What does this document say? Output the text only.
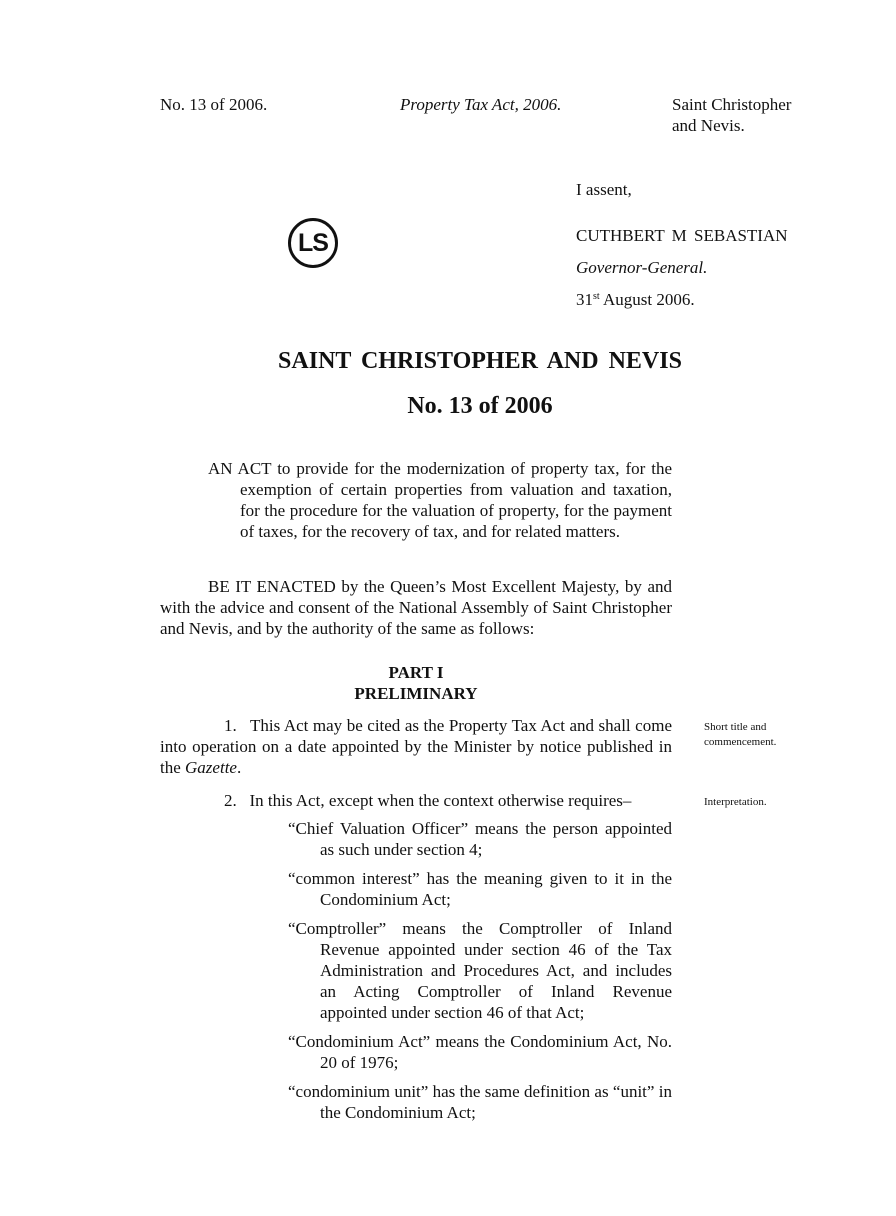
No. 13 of 2006.	Property Tax Act, 2006.	Saint Christopher
and Nevis.
LS
I assent,
CUTHBERT M SEBASTIAN
Governor-General.
31st August 2006.
SAINT CHRISTOPHER AND NEVIS
No. 13 of 2006
AN ACT to provide for the modernization of property tax, for the exemption of certain properties from valuation and taxation, for the procedure for the valuation of property, for the payment of taxes, for the recovery of tax, and for related matters.
BE IT ENACTED by the Queen’s Most Excellent Majesty, by and with the advice and consent of the National Assembly of Saint Christopher and Nevis, and by the authority of the same as follows:
PART I
PRELIMINARY
1.   This Act may be cited as the Property Tax Act and shall come into operation on a date appointed by the Minister by notice published in the Gazette.
Short title and commencement.
2.   In this Act, except when the context otherwise requires–	Interpretation.
“Chief Valuation Officer” means the person appointed as such under section 4;
“common interest” has the meaning given to it in the Condominium Act;
“Comptroller” means the Comptroller of Inland Revenue appointed under section 46 of the Tax Administration and Procedures Act, and includes an Acting Comptroller of Inland Revenue appointed under section 46 of that Act;
“Condominium Act” means the Condominium Act, No. 20 of 1976;
“condominium unit” has the same definition as “unit” in the Condominium Act;
